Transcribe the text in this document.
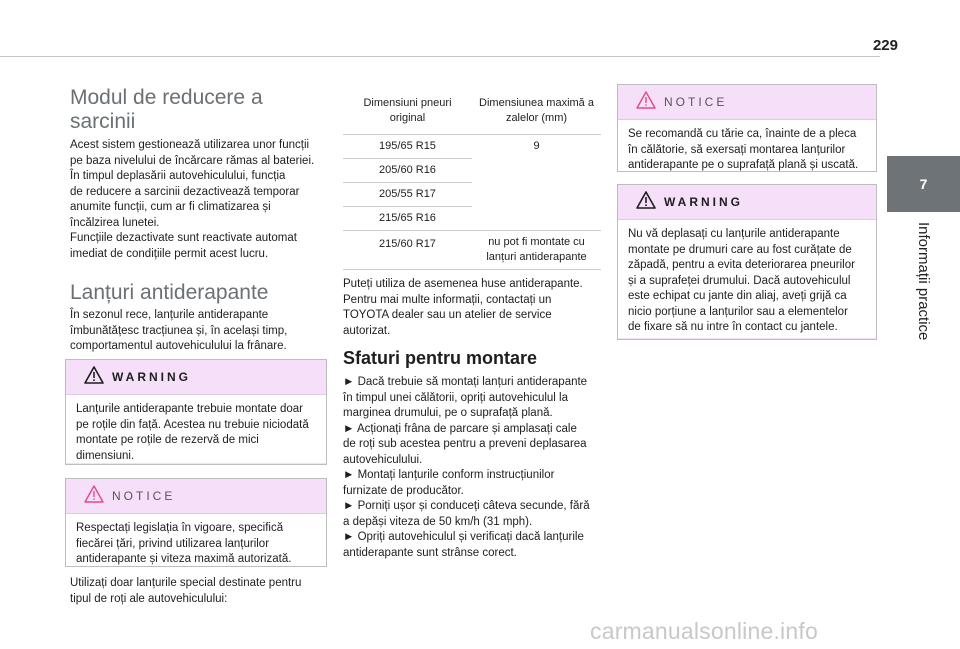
229
7
Informații practice
Modul de reducere a sarcinii

Acest sistem gestionează utilizarea unor funcții
pe baza nivelului de încărcare rămas al bateriei.
În timpul deplasării autovehiculului, funcția
de reducere a sarcinii dezactivează temporar
anumite funcții, cum ar fi climatizarea și
încălzirea lunetei.
Funcțiile dezactivate sunt reactivate automat
imediat de condițiile permit acest lucru.

Lanțuri antiderapante

În sezonul rece, lanțurile antiderapante
îmbunătățesc tracțiunea și, în același timp,
comportamentul autovehiculului la frânare.

WARNING
Lanțurile antiderapante trebuie montate doar
pe roțile din față. Acestea nu trebuie niciodată
montate pe roțile de rezervă de mici
dimensiuni.
NOTICE
Respectați legislația în vigoare, specifică
fiecărei țări, privind utilizarea lanțurilor
antiderapante și viteza maximă autorizată.

Utilizați doar lanțurile special destinate pentru
tipul de roți ale autovehiculului:

Dimensiuni pneuri original	Dimensiunea maximă a zalelor (mm)
195/65 R15	9
205/60 R16	
205/55 R17	
215/65 R16	
215/60 R17	nu pot fi montate cu lanțuri antiderapante

Puteți utiliza de asemenea huse antiderapante.
Pentru mai multe informații, contactați un
TOYOTA dealer sau un atelier de service
autorizat.

Sfaturi pentru montare

► Dacă trebuie să montați lanțuri antiderapante
în timpul unei călătorii, opriți autovehiculul la
marginea drumului, pe o suprafață plană.
► Acționați frâna de parcare și amplasați cale
de roți sub acestea pentru a preveni deplasarea
autovehiculului.
► Montați lanțurile conform instrucțiunilor
furnizate de producător.
► Porniți ușor și conduceți câteva secunde, fără
a depăși viteza de 50 km/h (31 mph).
► Opriți autovehiculul și verificați dacă lanțurile
antiderapante sunt strânse corect.

NOTICE
Se recomandă cu tărie ca, înainte de a pleca
în călătorie, să exersați montarea lanțurilor
antiderapante pe o suprafață plană și uscată.
WARNING
Nu vă deplasați cu lanțurile antiderapante
montate pe drumuri care au fost curățate de
zăpadă, pentru a evita deteriorarea pneurilor
și a suprafeței drumului. Dacă autovehiculul
este echipat cu jante din aliaj, aveți grijă ca
nicio porțiune a lanțurilor sau a elementelor
de fixare să nu intre în contact cu jantele.
carmanualsonline.info
